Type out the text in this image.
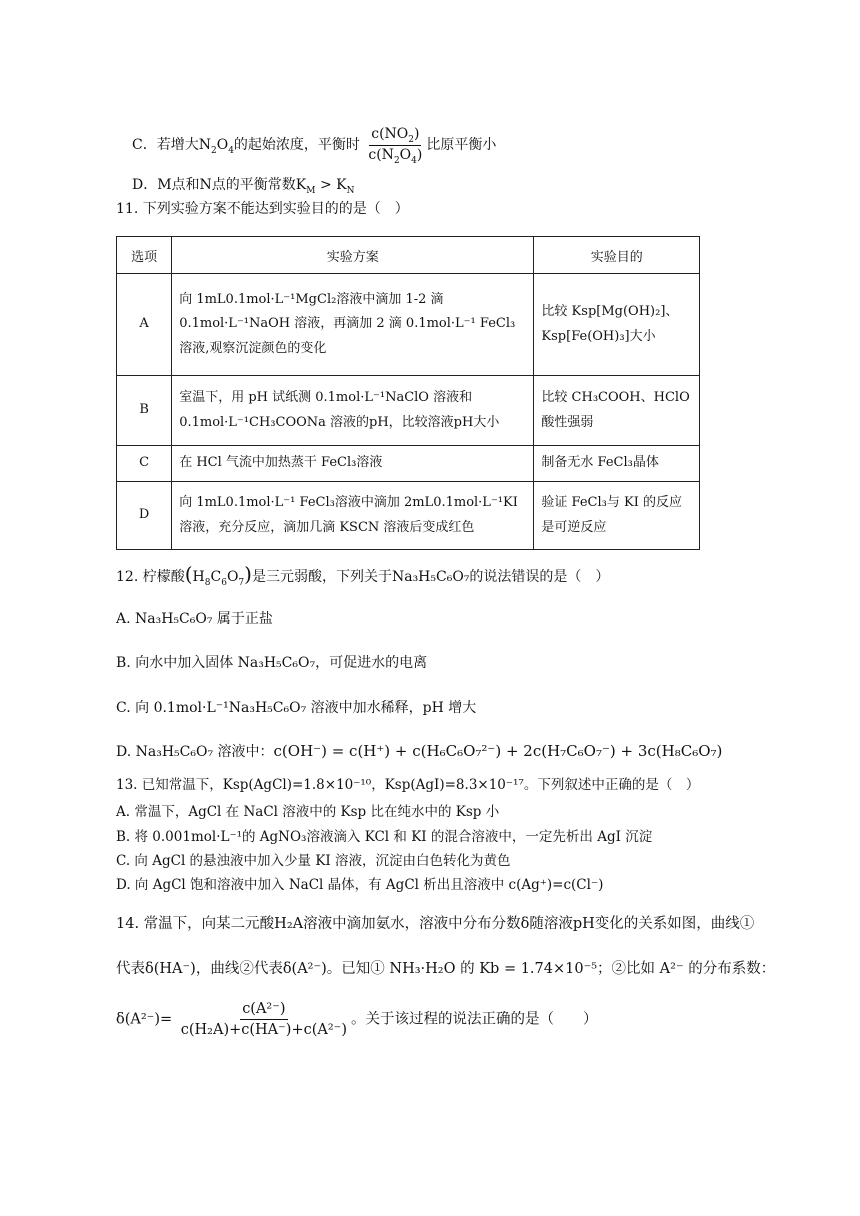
C．若增大$N_2O_4$的起始浓度，平衡时 $\frac{c(NO_2)}{c(N_2O_4)}$ 比原平衡小
D．M点和N点的平衡常数$K_M > K_N$
11. 下列实验方案不能达到实验目的的是（　）
选项	实验方案	实验目的
A	向 1mL0.1mol·L⁻¹MgCl₂溶液中滴加 1-2 滴 0.1mol·L⁻¹NaOH 溶液，再滴加 2 滴 0.1mol·L⁻¹ FeCl₃溶液,观察沉淀颜色的变化	比较 Ksp[Mg(OH)₂]、Ksp[Fe(OH)₃]大小
B	室温下，用 pH 试纸测 0.1mol·L⁻¹NaClO 溶液和 0.1mol·L⁻¹CH₃COONa 溶液的pH，比较溶液pH大小	比较 CH₃COOH、HClO 酸性强弱
C	在 HCl 气流中加热蒸干 FeCl₃溶液	制备无水 FeCl₃晶体
D	向 1mL0.1mol·L⁻¹ FeCl₃溶液中滴加 2mL0.1mol·L⁻¹KI 溶液，充分反应，滴加几滴 KSCN 溶液后变成红色	验证 FeCl₃与 KI 的反应是可逆反应
12. 柠檬酸$(H_8C_6O_7)$是三元弱酸，下列关于Na₃H₅C₆O₇的说法错误的是（　）
A. Na₃H₅C₆O₇ 属于正盐
B. 向水中加入固体 Na₃H₅C₆O₇，可促进水的电离
C. 向 0.1mol·L⁻¹Na₃H₅C₆O₇ 溶液中加水稀释，pH 增大
D. Na₃H₅C₆O₇ 溶液中：c(OH⁻) = c(H⁺) + c(H₆C₆O₇²⁻) + 2c(H₇C₆O₇⁻) + 3c(H₈C₆O₇)
13. 已知常温下，Ksp(AgCl)=1.8×10⁻¹⁰，Ksp(AgI)=8.3×10⁻¹⁷。下列叙述中正确的是（　）
A. 常温下，AgCl 在 NaCl 溶液中的 Ksp 比在纯水中的 Ksp 小
B. 将 0.001mol·L⁻¹的 AgNO₃溶液滴入 KCl 和 KI 的混合溶液中，一定先析出 AgI 沉淀
C. 向 AgCl 的悬浊液中加入少量 KI 溶液，沉淀由白色转化为黄色
D. 向 AgCl 饱和溶液中加入 NaCl 晶体，有 AgCl 析出且溶液中 c(Ag⁺)=c(Cl⁻)
14. 常温下，向某二元酸H₂A溶液中滴加氨水，溶液中分布分数δ随溶液pH变化的关系如图，曲线①
代表δ(HA⁻)，曲线②代表δ(A²⁻)。已知① NH₃·H₂O 的 Kb = 1.74×10⁻⁵；②比如 A²⁻ 的分布系数：
$\delta(A^{2-})= \frac{\text{c(A²⁻)}}{\text{c(H₂A)+c(HA⁻)+c(A²⁻)}}$ 。关于该过程的说法正确的是（　　）
